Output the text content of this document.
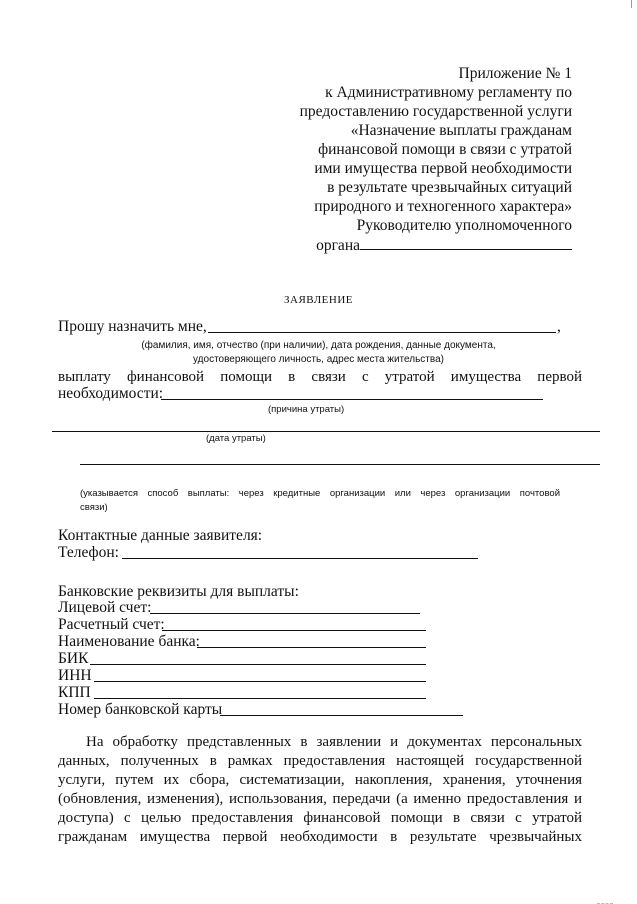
Приложение № 1
к Административному регламенту по
предоставлению государственной услуги
«Назначение выплаты гражданам
финансовой помощи в связи с утратой
ими имущества первой необходимости
в результате чрезвычайных ситуаций
природного и техногенного характера»
Руководителю уполномоченного
органа
ЗАЯВЛЕНИЕ
Прошу назначить мне,	,
(фамилия, имя, отчество (при наличии), дата рождения, данные документа,
удостоверяющего личность, адрес места жительства)
выплату финансовой помощи в связи с утратой имущества первой
необходимости:
(причина утраты)
(дата утраты)
(указывается способ выплаты: через кредитные организации или через организации почтовой
связи)
Контактные данные заявителя:
Телефон:
Банковские реквизиты для выплаты:
Лицевой счет:
Расчетный счет:
Наименование банка:
БИК
ИНН
КПП
Номер банковской карты
На обработку представленных в заявлении и документах персональных
данных, полученных в рамках предоставления настоящей государственной
услуги, путем их сбора, систематизации, накопления, хранения, уточнения
(обновления, изменения), использования, передачи (а именно предоставления и
доступа) с целью предоставления финансовой помощи в связи с утратой
гражданам имущества первой необходимости в результате чрезвычайных
